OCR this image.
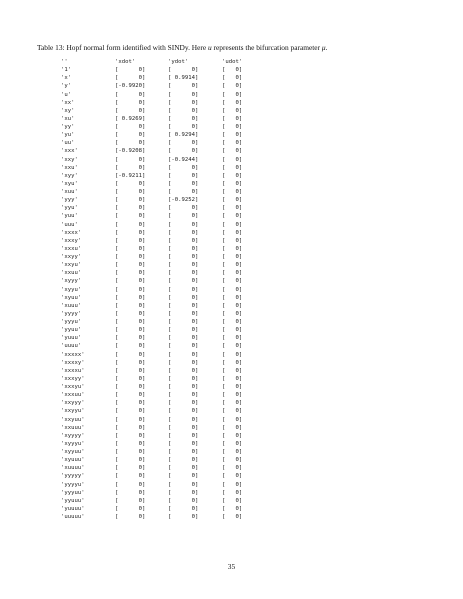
Table 13: Hopf normal form identified with SINDy. Here u represents the bifurcation parameter μ.
''	'xdot'	'ydot'	'udot'
'1'	[      0]	[      0]	[   0]
'x'	[      0]	[ 0.9914]	[   0]
'y'	[-0.9920]	[      0]	[   0]
'u'	[      0]	[      0]	[   0]
'xx'	[      0]	[      0]	[   0]
'xy'	[      0]	[      0]	[   0]
'xu'	[ 0.9269]	[      0]	[   0]
'yy'	[      0]	[      0]	[   0]
'yu'	[      0]	[ 0.9294]	[   0]
'uu'	[      0]	[      0]	[   0]
'xxx'	[-0.9208]	[      0]	[   0]
'xxy'	[      0]	[-0.9244]	[   0]
'xxu'	[      0]	[      0]	[   0]
'xyy'	[-0.9211]	[      0]	[   0]
'xyu'	[      0]	[      0]	[   0]
'xuu'	[      0]	[      0]	[   0]
'yyy'	[      0]	[-0.9252]	[   0]
'yyu'	[      0]	[      0]	[   0]
'yuu'	[      0]	[      0]	[   0]
'uuu'	[      0]	[      0]	[   0]
'xxxx'	[      0]	[      0]	[   0]
'xxxy'	[      0]	[      0]	[   0]
'xxxu'	[      0]	[      0]	[   0]
'xxyy'	[      0]	[      0]	[   0]
'xxyu'	[      0]	[      0]	[   0]
'xxuu'	[      0]	[      0]	[   0]
'xyyy'	[      0]	[      0]	[   0]
'xyyu'	[      0]	[      0]	[   0]
'xyuu'	[      0]	[      0]	[   0]
'xuuu'	[      0]	[      0]	[   0]
'yyyy'	[      0]	[      0]	[   0]
'yyyu'	[      0]	[      0]	[   0]
'yyuu'	[      0]	[      0]	[   0]
'yuuu'	[      0]	[      0]	[   0]
'uuuu'	[      0]	[      0]	[   0]
'xxxxx'	[      0]	[      0]	[   0]
'xxxxy'	[      0]	[      0]	[   0]
'xxxxu'	[      0]	[      0]	[   0]
'xxxyy'	[      0]	[      0]	[   0]
'xxxyu'	[      0]	[      0]	[   0]
'xxxuu'	[      0]	[      0]	[   0]
'xxyyy'	[      0]	[      0]	[   0]
'xxyyu'	[      0]	[      0]	[   0]
'xxyuu'	[      0]	[      0]	[   0]
'xxuuu'	[      0]	[      0]	[   0]
'xyyyy'	[      0]	[      0]	[   0]
'xyyyu'	[      0]	[      0]	[   0]
'xyyuu'	[      0]	[      0]	[   0]
'xyuuu'	[      0]	[      0]	[   0]
'xuuuu'	[      0]	[      0]	[   0]
'yyyyy'	[      0]	[      0]	[   0]
'yyyyu'	[      0]	[      0]	[   0]
'yyyuu'	[      0]	[      0]	[   0]
'yyuuu'	[      0]	[      0]	[   0]
'yuuuu'	[      0]	[      0]	[   0]
'uuuuu'	[      0]	[      0]	[   0]
35
